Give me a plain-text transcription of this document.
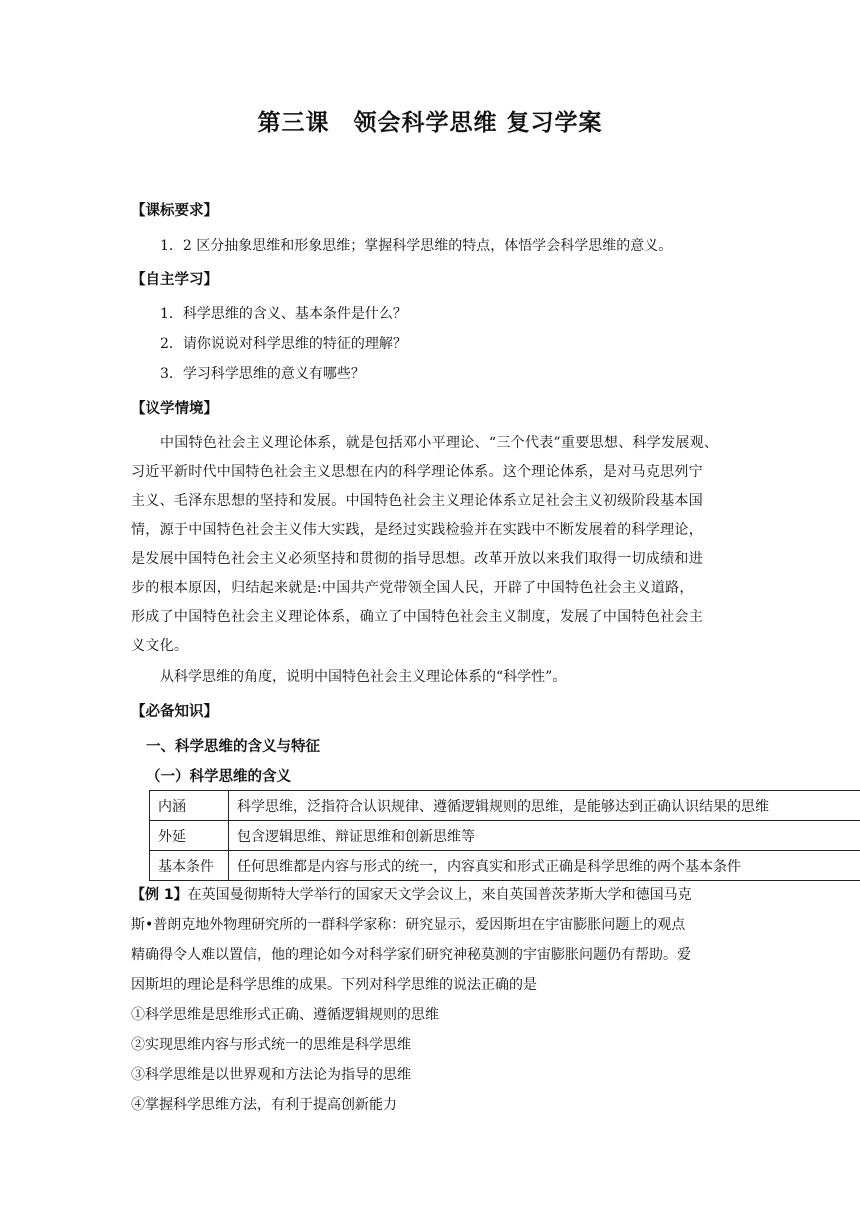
第三课　领会科学思维 复习学案
【课标要求】
1．2 区分抽象思维和形象思维；掌握科学思维的特点，体悟学会科学思维的意义。
【自主学习】
1．科学思维的含义、基本条件是什么？
2．请你说说对科学思维的特征的理解？
3．学习科学思维的意义有哪些？
【议学情境】
中国特色社会主义理论体系，就是包括邓小平理论、“三个代表”重要思想、科学发展观、
习近平新时代中国特色社会主义思想在内的科学理论体系。这个理论体系，是对马克思列宁
主义、毛泽东思想的坚持和发展。中国特色社会主义理论体系立足社会主义初级阶段基本国
情，源于中国特色社会主义伟大实践，是经过实践检验并在实践中不断发展着的科学理论，
是发展中国特色社会主义必须坚持和贯彻的指导思想。改革开放以来我们取得一切成绩和进
步的根本原因，归结起来就是:中国共产党带领全国人民，开辟了中国特色社会主义道路，
形成了中国特色社会主义理论体系，确立了中国特色社会主义制度，发展了中国特色社会主
义文化。
从科学思维的角度，说明中国特色社会主义理论体系的“科学性”。
【必备知识】
一、科学思维的含义与特征
（一）科学思维的含义
内涵	科学思维，泛指符合认识规律、遵循逻辑规则的思维，是能够达到正确认识结果的思维
外延	包含逻辑思维、辩证思维和创新思维等
基本条件	任何思维都是内容与形式的统一，内容真实和形式正确是科学思维的两个基本条件
【例 1】在英国曼彻斯特大学举行的国家天文学会议上，来自英国普茨茅斯大学和德国马克
斯•普朗克地外物理研究所的一群科学家称：研究显示，爱因斯坦在宇宙膨胀问题上的观点
精确得令人难以置信，他的理论如今对科学家们研究神秘莫测的宇宙膨胀问题仍有帮助。爱
因斯坦的理论是科学思维的成果。下列对科学思维的说法正确的是
①科学思维是思维形式正确、遵循逻辑规则的思维
②实现思维内容与形式统一的思维是科学思维
③科学思维是以世界观和方法论为指导的思维
④掌握科学思维方法，有利于提高创新能力
